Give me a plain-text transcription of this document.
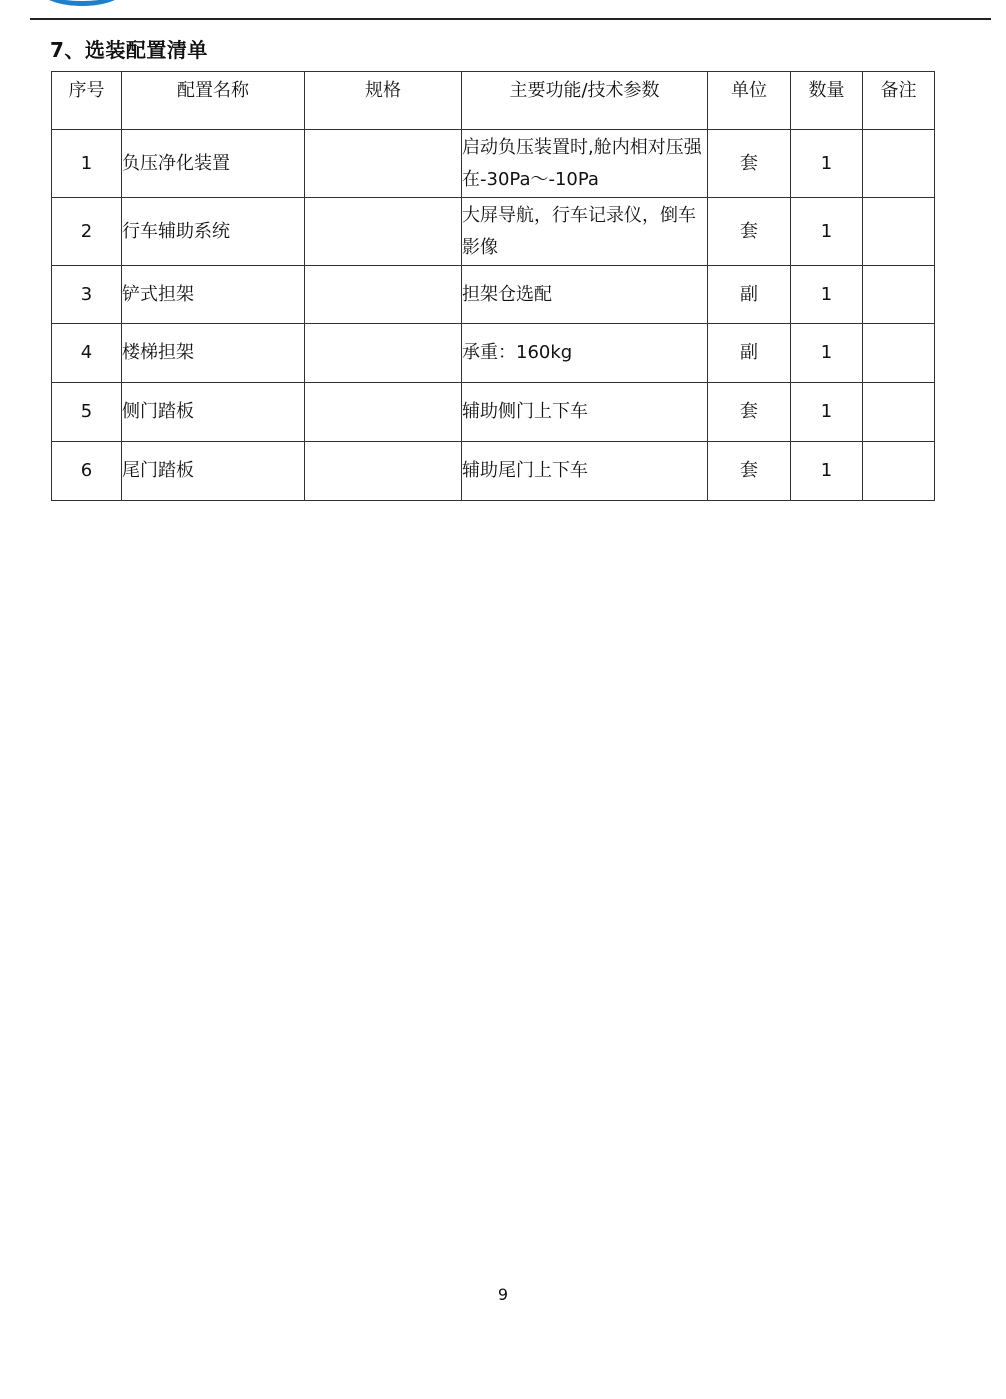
7、选装配置清单
序号	配置名称	规格	主要功能/技术参数	单位	数量	备注
1	负压净化装置		启动负压装置时,舱内相对压强在-30Pa～-10Pa	套	1	
2	行车辅助系统		大屏导航，行车记录仪，倒车影像	套	1	
3	铲式担架		担架仓选配	副	1	
4	楼梯担架		承重：160kg	副	1	
5	侧门踏板		辅助侧门上下车	套	1	
6	尾门踏板		辅助尾门上下车	套	1	
9
